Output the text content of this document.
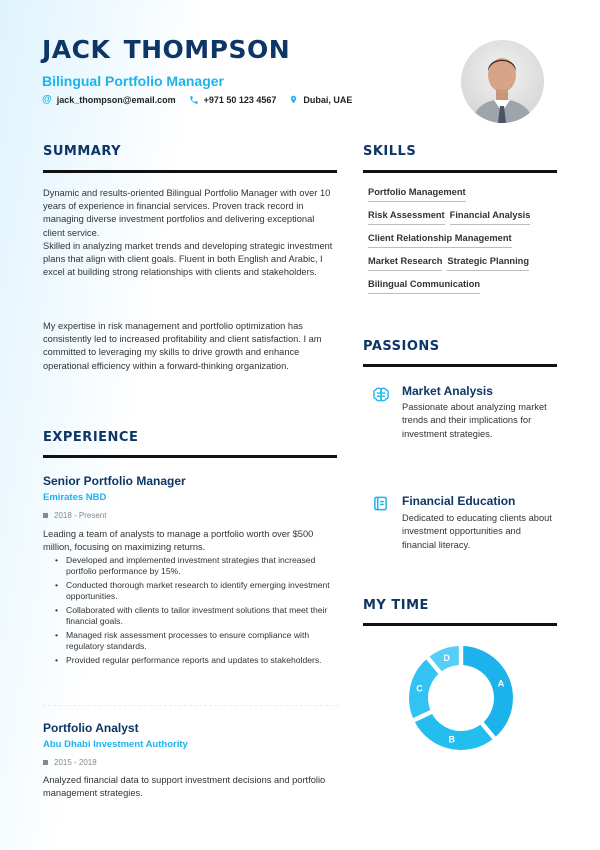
JACK THOMPSON
Bilingual Portfolio Manager
@ jack_thompson@email.com	+971 50 123 4567	Dubai, UAE
SUMMARY

Dynamic and results-oriented Bilingual Portfolio Manager with over 10 years of experience in financial services. Proven track record in managing diverse investment portfolios and delivering exceptional client service.

Skilled in analyzing market trends and developing strategic investment plans that align with client goals. Fluent in both English and Arabic, I excel at building strong relationships with clients and stakeholders.

My expertise in risk management and portfolio optimization has consistently led to increased profitability and client satisfaction. I am committed to leveraging my skills to drive growth and enhance operational efficiency within a forward-thinking organization.

EXPERIENCE
Senior Portfolio Manager
Emirates NBD
2018 - Present

Leading a team of analysts to manage a portfolio worth over $500 million, focusing on maximizing returns.

• Developed and implemented investment strategies that increased portfolio performance by 15%.
• Conducted thorough market research to identify emerging investment opportunities.
• Collaborated with clients to tailor investment solutions that meet their financial goals.
• Managed risk assessment processes to ensure compliance with regulatory standards.
• Provided regular performance reports and updates to stakeholders.
Portfolio Analyst
Abu Dhabi Investment Authority
2015 - 2018

Analyzed financial data to support investment decisions and portfolio management strategies.

SKILLS
Portfolio Management
Risk Assessment Financial Analysis
Client Relationship Management
Market Research Strategic Planning
Bilingual Communication
PASSIONS
Market Analysis

Passionate about analyzing market trends and their implications for investment strategies.

Financial Education

Dedicated to educating clients about investment opportunities and financial literacy.

MY TIME
A
B
C
D
